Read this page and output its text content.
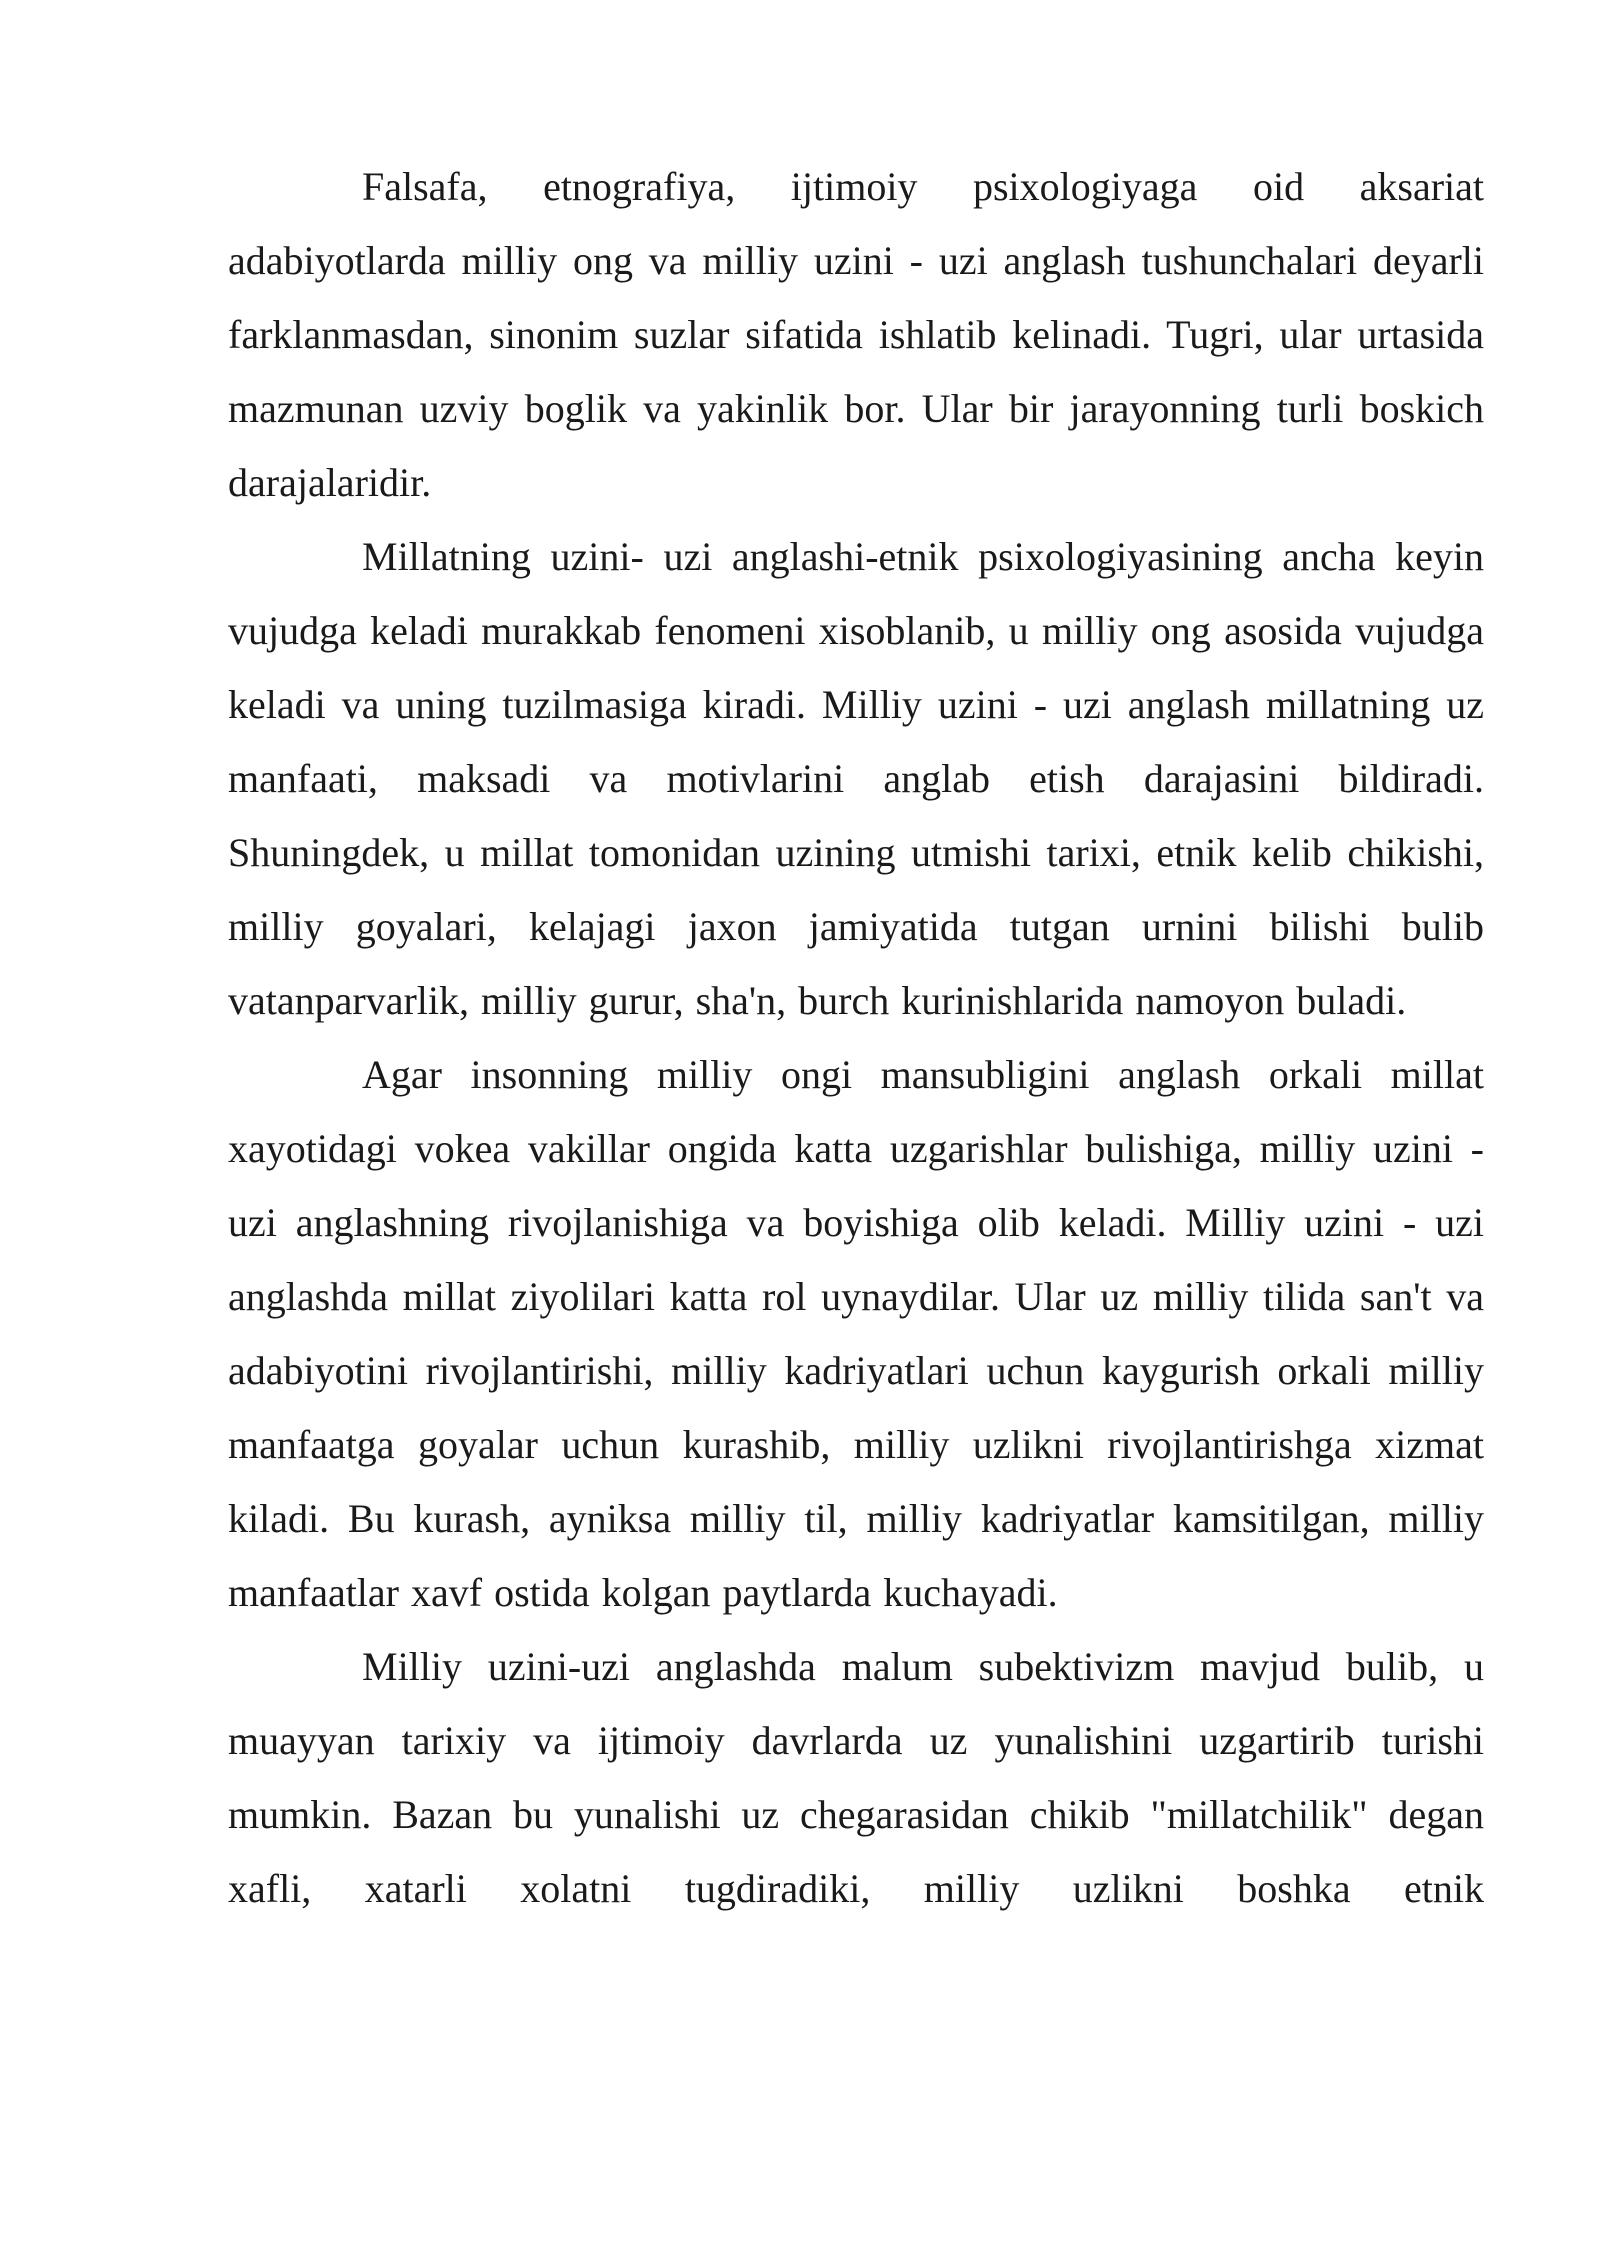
Falsafa, etnografiya, ijtimoiy psixologiyaga oid aksariat adabiyotlarda milliy ong va milliy uzini - uzi anglash tushunchalari deyarli farklanmasdan, sinonim suzlar sifatida ishlatib kelinadi. Tugri, ular urtasida mazmunan uzviy boglik va yakinlik bor. Ular bir jarayonning turli boskich darajalaridir.

Millatning uzini- uzi anglashi-etnik psixologiyasining ancha keyin vujudga keladi murakkab fenomeni xisoblanib, u milliy ong asosida vujudga keladi va uning tuzilmasiga kiradi. Milliy uzini - uzi anglash millatning uz manfaati, maksadi va motivlarini anglab etish darajasini bildiradi. Shuningdek, u millat tomonidan uzining utmishi tarixi, etnik kelib chikishi, milliy goyalari, kelajagi jaxon jamiyatida tutgan urnini bilishi bulib vatanparvarlik, milliy gurur, sha'n, burch kurinishlarida namoyon buladi.

Agar insonning milliy ongi mansubligini anglash orkali millat xayotidagi vokea vakillar ongida katta uzgarishlar bulishiga, milliy uzini - uzi anglashning rivojlanishiga va boyishiga olib keladi. Milliy uzini - uzi anglashda millat ziyolilari katta rol uynaydilar. Ular uz milliy tilida san't va adabiyotini rivojlantirishi, milliy kadriyatlari uchun kaygurish orkali milliy manfaatga goyalar uchun kurashib, milliy uzlikni rivojlantirishga xizmat kiladi. Bu kurash, ayniksa milliy til, milliy kadriyatlar kamsitilgan, milliy manfaatlar xavf ostida kolgan paytlarda kuchayadi.

Milliy uzini-uzi anglashda malum subektivizm mavjud bulib, u muayyan tarixiy va ijtimoiy davrlarda uz yunalishini uzgartirib turishi mumkin. Bazan bu yunalishi uz chegarasidan chikib "millatchilik" degan xafli, xatarli xolatni tugdiradiki, milliy uzlikni boshka etnik
